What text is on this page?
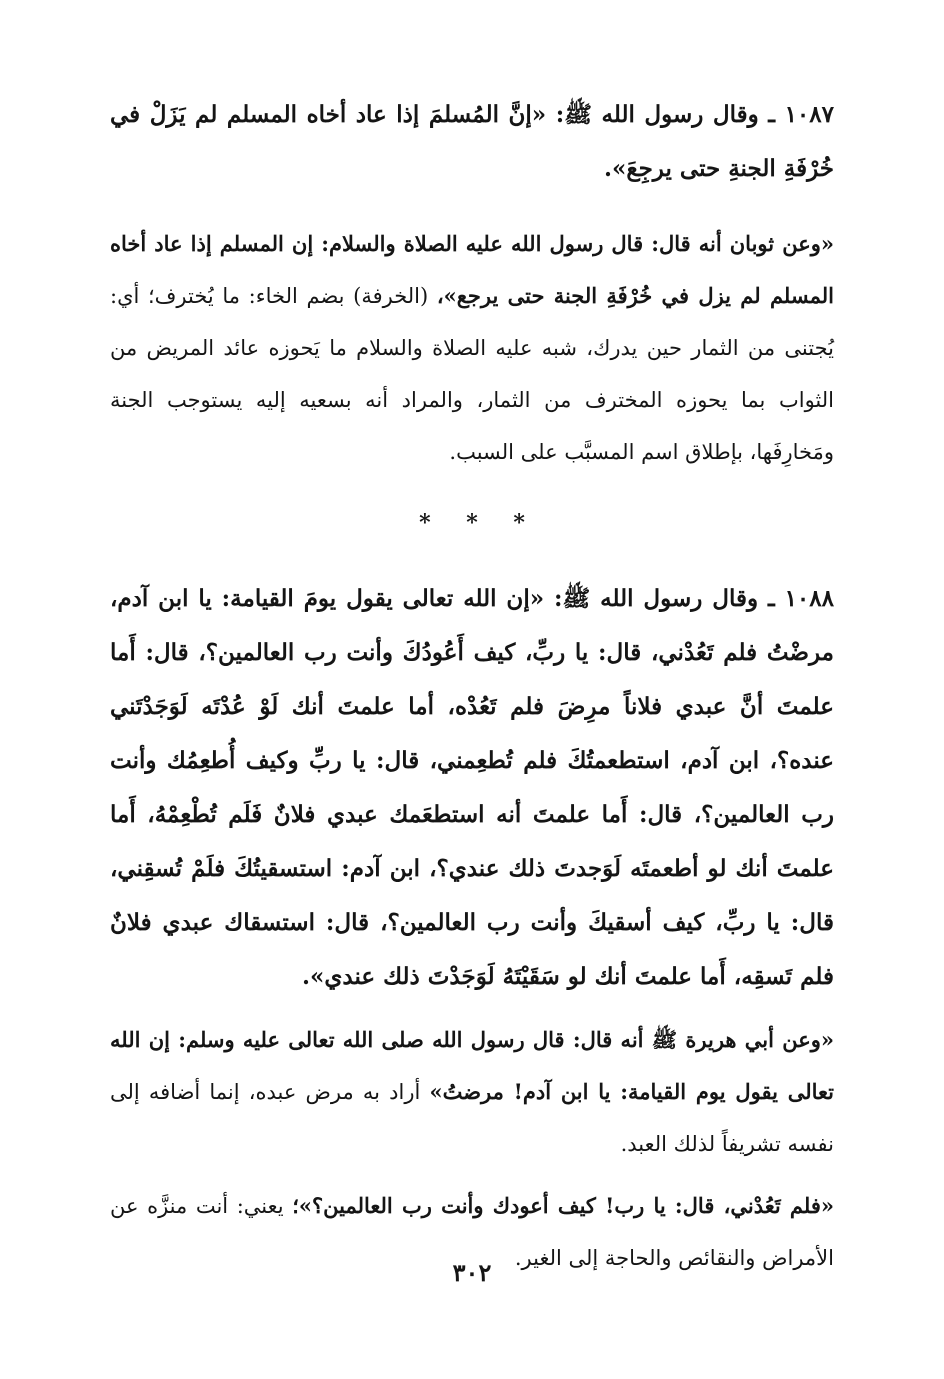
١٠٨٧ ـ وقال رسول الله ﷺ: «إنَّ المُسلمَ إذا عاد أخاه المسلم لم يَزَلْ في خُرْفَةِ الجنةِ حتى يرجِعَ».

«وعن ثوبان أنه قال: قال رسول الله عليه الصلاة والسلام: إن المسلم إذا عاد أخاه المسلم لم يزل في خُرْفَةِ الجنة حتى يرجع»، (الخرفة) بضم الخاء: ما يُخترف؛ أي: يُجتنى من الثمار حين يدرك، شبه عليه الصلاة والسلام ما يَحوزه عائد المريض من الثواب بما يحوزه المخترف من الثمار، والمراد أنه بسعيه إليه يستوجب الجنة ومَخارِفَها، بإطلاق اسم المسبَّب على السبب.

* * *

١٠٨٨ ـ وقال رسول الله ﷺ: «إن الله تعالى يقول يومَ القيامة: يا ابن آدم، مرضْتُ فلم تَعُدْني، قال: يا ربِّ، كيف أَعُودُكَ وأنت رب العالمين؟، قال: أَما علمتَ أنَّ عبدي فلاناً مرِضَ فلم تَعُدْه، أما علمتَ أنك لَوْ عُدْتَه لَوَجَدْتَني عنده؟، ابن آدم، استطعمتُكَ فلم تُطعِمني، قال: يا ربِّ وكيف أُطعِمُك وأنت رب العالمين؟، قال: أَما علمتَ أنه استطعَمك عبدي فلانٌ فَلَم تُطْعِمْهُ، أَما علمتَ أنك لو أطعمتَه لَوَجدتَ ذلك عندي؟، ابن آدم: استسقيتُكَ فلَمْ تُسقِني، قال: يا ربِّ، كيف أسقيكَ وأنت رب العالمين؟، قال: استسقاك عبدي فلانٌ فلم تَسقِه، أَما علمتَ أنك لو سَقَيْتَهُ لَوَجَدْتَ ذلك عندي».

«وعن أبي هريرة ﷺ أنه قال: قال رسول الله صلى الله تعالى عليه وسلم: إن الله تعالى يقول يوم القيامة: يا ابن آدم! مرضتُ» أراد به مرض عبده، إنما أضافه إلى نفسه تشريفاً لذلك العبد.

«فلم تَعُدْني، قال: يا رب! كيف أعودك وأنت رب العالمين؟»؛ يعني: أنت منزَّه عن الأمراض والنقائص والحاجة إلى الغير.

٣٠٢
